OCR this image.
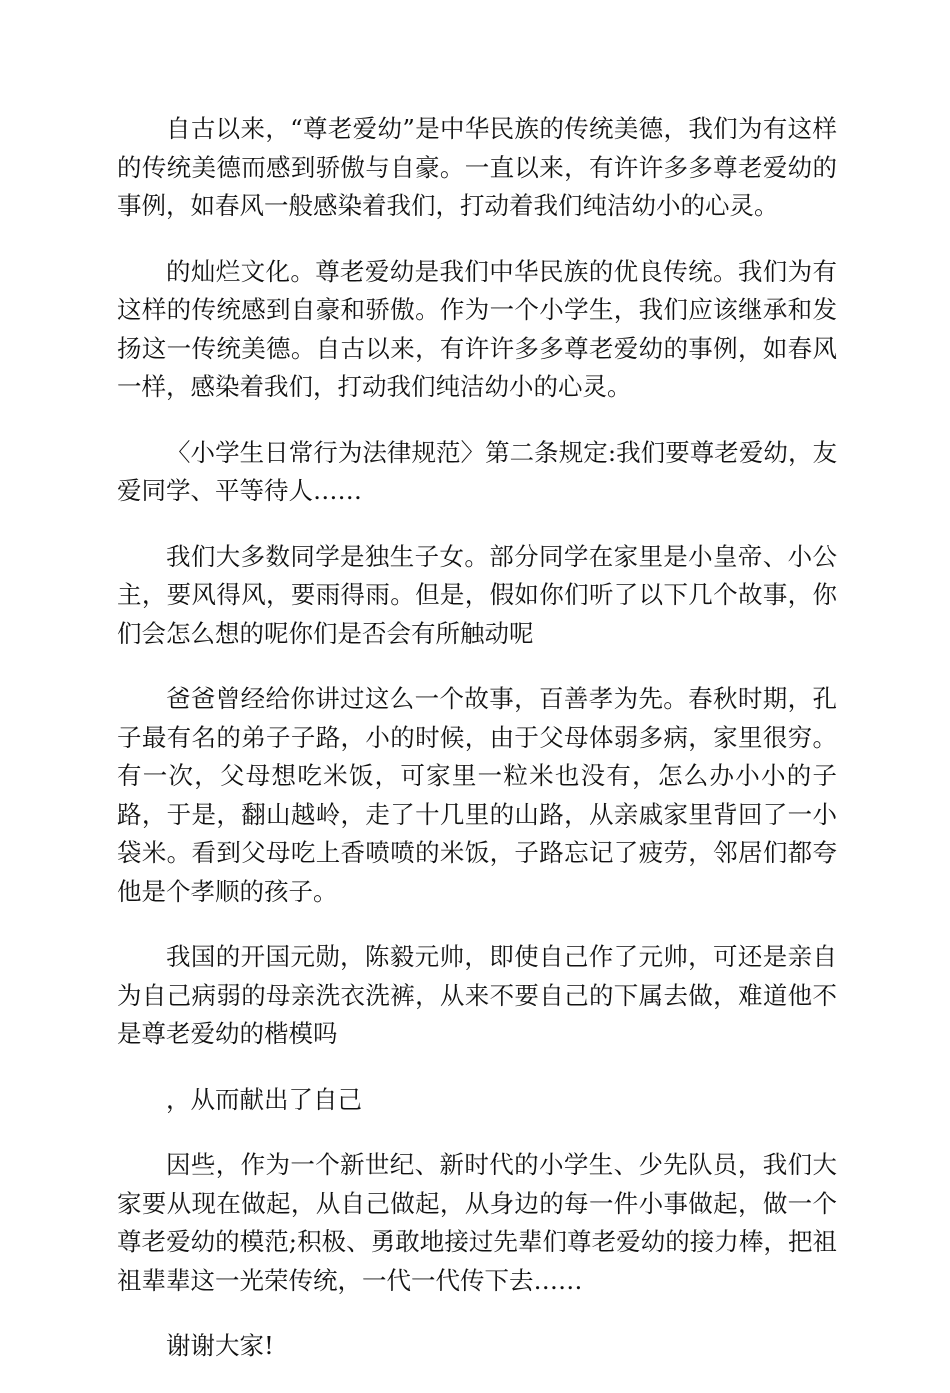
自古以来，“尊老爱幼”是中华民族的传统美德，我们为有这样的传统美德而感到骄傲与自豪。一直以来，有许许多多尊老爱幼的事例，如春风一般感染着我们，打动着我们纯洁幼小的心灵。

的灿烂文化。尊老爱幼是我们中华民族的优良传统。我们为有这样的传统感到自豪和骄傲。作为一个小学生，我们应该继承和发扬这一传统美德。自古以来，有许许多多尊老爱幼的事例，如春风一样，感染着我们，打动我们纯洁幼小的心灵。

〈小学生日常行为法律规范〉第二条规定:我们要尊老爱幼，友爱同学、平等待人……

我们大多数同学是独生子女。部分同学在家里是小皇帝、小公主，要风得风，要雨得雨。但是，假如你们听了以下几个故事，你们会怎么想的呢你们是否会有所触动呢

爸爸曾经给你讲过这么一个故事，百善孝为先。春秋时期，孔子最有名的弟子子路，小的时候，由于父母体弱多病，家里很穷。有一次，父母想吃米饭，可家里一粒米也没有，怎么办小小的子路，于是，翻山越岭，走了十几里的山路，从亲戚家里背回了一小袋米。看到父母吃上香喷喷的米饭，子路忘记了疲劳，邻居们都夸他是个孝顺的孩子。

我国的开国元勋，陈毅元帅，即使自己作了元帅，可还是亲自为自己病弱的母亲洗衣洗裤，从来不要自己的下属去做，难道他不是尊老爱幼的楷模吗

，从而献出了自己

因些，作为一个新世纪、新时代的小学生、少先队员，我们大家要从现在做起，从自己做起，从身边的每一件小事做起，做一个尊老爱幼的模范;积极、勇敢地接过先辈们尊老爱幼的接力棒，把祖祖辈辈这一光荣传统，一代一代传下去……

谢谢大家!
